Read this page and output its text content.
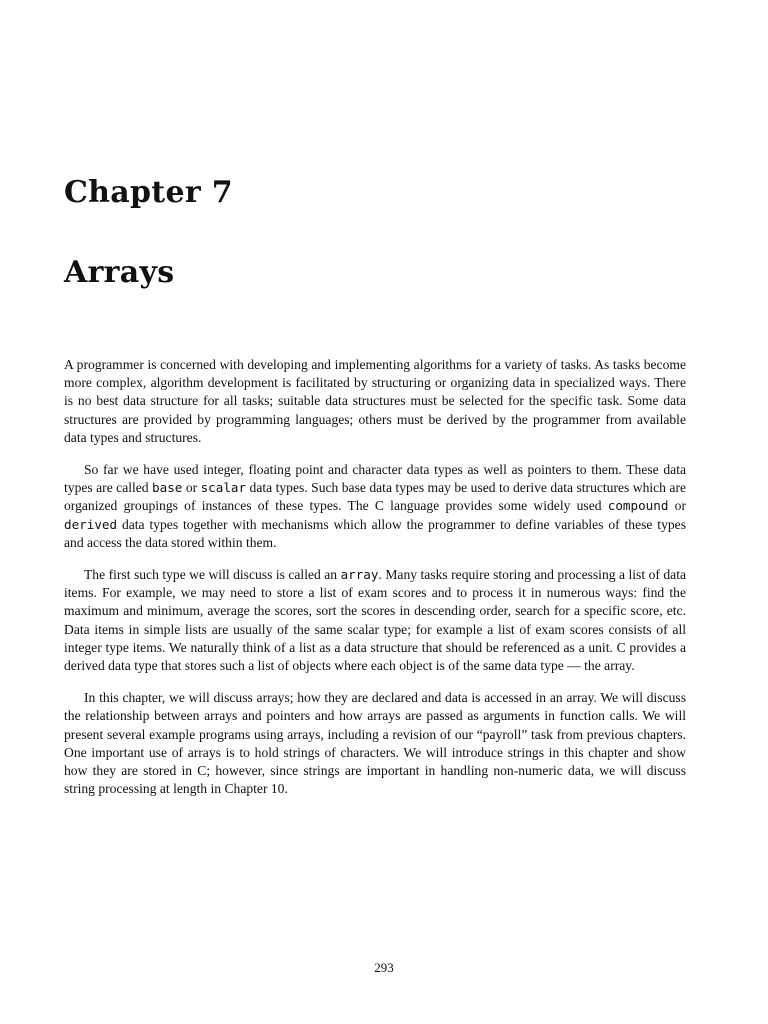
Chapter 7
Arrays

A programmer is concerned with developing and implementing algorithms for a variety of tasks. As tasks become more complex, algorithm development is facilitated by structuring or organizing data in specialized ways. There is no best data structure for all tasks; suitable data structures must be selected for the specific task. Some data structures are provided by programming languages; others must be derived by the programmer from available data types and structures.

So far we have used integer, floating point and character data types as well as pointers to them. These data types are called base or scalar data types. Such base data types may be used to derive data structures which are organized groupings of instances of these types. The C language provides some widely used compound or derived data types together with mechanisms which allow the programmer to define variables of these types and access the data stored within them.

The first such type we will discuss is called an array. Many tasks require storing and processing a list of data items. For example, we may need to store a list of exam scores and to process it in numerous ways: find the maximum and minimum, average the scores, sort the scores in descending order, search for a specific score, etc. Data items in simple lists are usually of the same scalar type; for example a list of exam scores consists of all integer type items. We naturally think of a list as a data structure that should be referenced as a unit. C provides a derived data type that stores such a list of objects where each object is of the same data type — the array.

In this chapter, we will discuss arrays; how they are declared and data is accessed in an array. We will discuss the relationship between arrays and pointers and how arrays are passed as arguments in function calls. We will present several example programs using arrays, including a revision of our “payroll” task from previous chapters. One important use of arrays is to hold strings of characters. We will introduce strings in this chapter and show how they are stored in C; however, since strings are important in handling non-numeric data, we will discuss string processing at length in Chapter 10.

293
